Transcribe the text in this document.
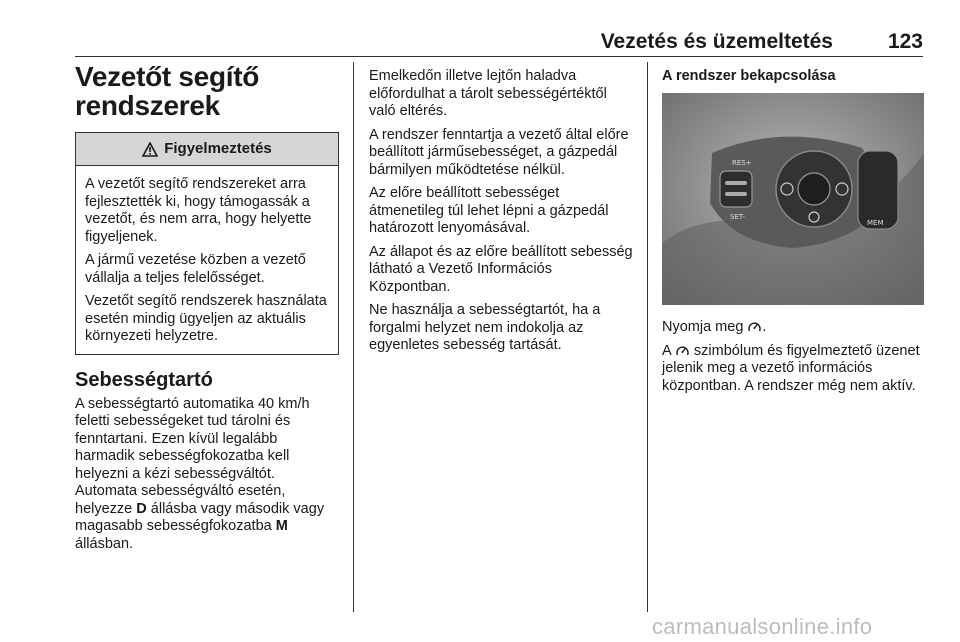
Vezetés és üzemeltetés	123
Vezetőt segítő
rendszerek
Figyelmeztetés

A vezetőt segítő rendszereket arra fejlesztették ki, hogy támogassák a vezetőt, és nem arra, hogy helyette figyeljenek.

A jármű vezetése közben a vezető vállalja a teljes felelősséget.

Vezetőt segítő rendszerek használata esetén mindig ügyeljen az aktuális környezeti helyzetre.

Sebességtartó

A sebességtartó automatika 40 km/h feletti sebességeket tud tárolni és fenntartani. Ezen kívül legalább harmadik sebességfokozatba kell helyezni a kézi sebességváltót. Automata sebességváltó esetén, helyezze D állásba vagy második vagy magasabb sebességfokozatba M állásban.

Emelkedőn illetve lejtőn haladva előfordulhat a tárolt sebességértéktől való eltérés.

A rendszer fenntartja a vezető által előre beállított járműsebességet, a gázpedál bármilyen működtetése nélkül.

Az előre beállított sebességet átmenetileg túl lehet lépni a gázpedál határozott lenyomásával.

Az állapot és az előre beállított sebesség látható a Vezető Információs Központban.

Ne használja a sebességtartót, ha a forgalmi helyzet nem indokolja az egyenletes sebesség tartását.

A rendszer bekapcsolása
RES+
SET-
MEM

Nyomja meg .

A  szimbólum és figyelmeztető üzenet jelenik meg a vezető információs központban. A rendszer még nem aktív.

carmanualsonline.info
